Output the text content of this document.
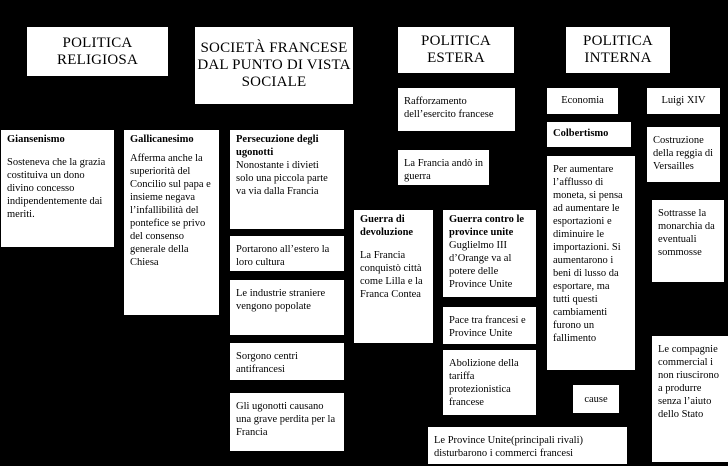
POLITICA RELIGIOSA
SOCIETÀ FRANCESE DAL PUNTO DI VISTA SOCIALE
POLITICA ESTERA
POLITICA INTERNA
Giansenismo
Sosteneva che la grazia costituiva un dono divino concesso indipendentemente dai meriti.
Gallicanesimo
Afferma anche la superiorità del Concilio sul papa e insieme negava l’infallibilità del pontefice se privo del consenso generale della Chiesa
Persecuzione degli ugonotti
Nonostante i divieti solo una piccola parte va via dalla Francia
Portarono all’estero la loro cultura
Le industrie straniere vengono popolate
Sorgono centri antifrancesi
Gli ugonotti causano una grave perdita per la Francia
Rafforzamento dell’esercito francese
La Francia andò in guerra
Guerra di devoluzione
La Francia conquistò città come Lilla e la Franca Contea
Guerra contro le province unite
Guglielmo III d’Orange va al potere delle Province Unite
Pace tra francesi e Province Unite
Abolizione della tariffa protezionistica francese
Le Province Unite(principali rivali) disturbarono i commerci francesi
Economia	Luigi XIV
Colbertismo
Per aumentare l’afflusso di moneta, si pensa ad aumentare le esportazioni e diminuire le importazioni. Si aumentarono i beni di lusso da esportare, ma tutti questi cambiamenti furono un fallimento
cause
Costruzione della reggia di Versailles
Sottrasse la monarchia da eventuali sommosse
Le compagnie commercial i non riuscirono a produrre senza l’aiuto dello Stato
